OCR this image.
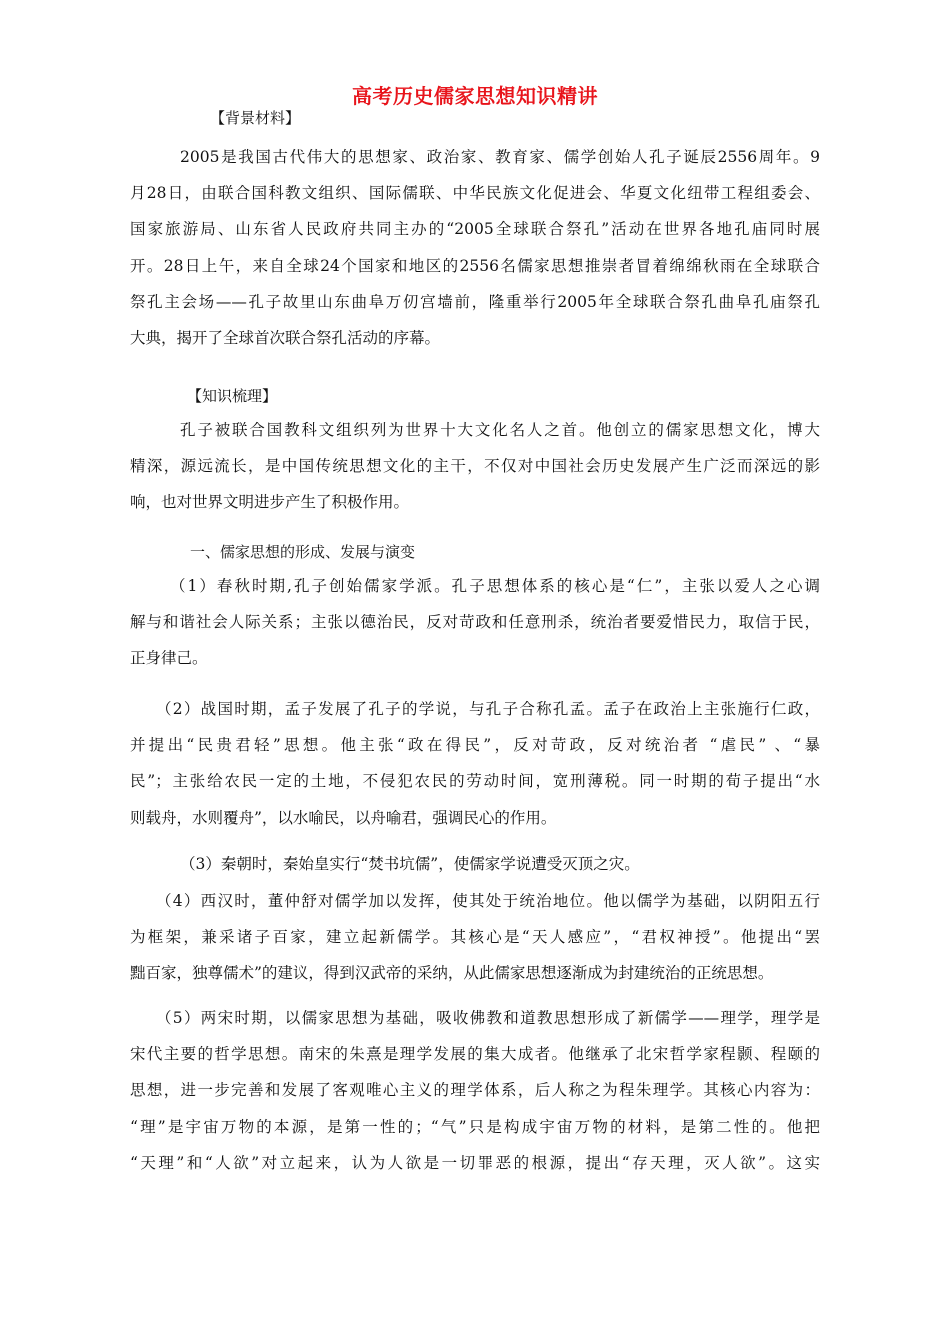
高考历史儒家思想知识精讲
【背景材料】
2005是我国古代伟大的思想家、政治家、教育家、儒学创始人孔子诞辰2556周年。9
月28日，由联合国科教文组织、国际儒联、中华民族文化促进会、华夏文化纽带工程组委会、
国家旅游局、山东省人民政府共同主办的“2005全球联合祭孔”活动在世界各地孔庙同时展
开。28日上午，来自全球24个国家和地区的2556名儒家思想推崇者冒着绵绵秋雨在全球联合
祭孔主会场——孔子故里山东曲阜万仞宫墙前，隆重举行2005年全球联合祭孔曲阜孔庙祭孔
大典，揭开了全球首次联合祭孔活动的序幕。
【知识梳理】
孔子被联合国教科文组织列为世界十大文化名人之首。他创立的儒家思想文化，博大
精深，源远流长，是中国传统思想文化的主干，不仅对中国社会历史发展产生广泛而深远的影
响，也对世界文明进步产生了积极作用。
一、儒家思想的形成、发展与演变
（1）春秋时期,孔子创始儒家学派。孔子思想体系的核心是“仁”，主张以爱人之心调
解与和谐社会人际关系；主张以德治民，反对苛政和任意刑杀，统治者要爱惜民力，取信于民，
正身律己。
（2）战国时期，孟子发展了孔子的学说，与孔子合称孔孟。孟子在政治上主张施行仁政，
并提出“民贵君轻”思想。他主张“政在得民”，反对苛政，反对统治者 “虐民” 、“暴
民”；主张给农民一定的土地，不侵犯农民的劳动时间，宽刑薄税。同一时期的荀子提出“水
则载舟，水则覆舟”，以水喻民，以舟喻君，强调民心的作用。
（3）秦朝时，秦始皇实行“焚书坑儒”，使儒家学说遭受灭顶之灾。
（4）西汉时，董仲舒对儒学加以发挥，使其处于统治地位。他以儒学为基础，以阴阳五行
为框架，兼采诸子百家，建立起新儒学。其核心是“天人感应”，“君权神授”。他提出“罢
黜百家，独尊儒术”的建议，得到汉武帝的采纳，从此儒家思想逐渐成为封建统治的正统思想。
（5）两宋时期，以儒家思想为基础，吸收佛教和道教思想形成了新儒学——理学，理学是
宋代主要的哲学思想。南宋的朱熹是理学发展的集大成者。他继承了北宋哲学家程颢、程颐的
思想，进一步完善和发展了客观唯心主义的理学体系，后人称之为程朱理学。其核心内容为：
“理”是宇宙万物的本源，是第一性的；“气”只是构成宇宙万物的材料，是第二性的。他把
“天理”和“人欲”对立起来，认为人欲是一切罪恶的根源，提出“存天理，灭人欲”。这实
